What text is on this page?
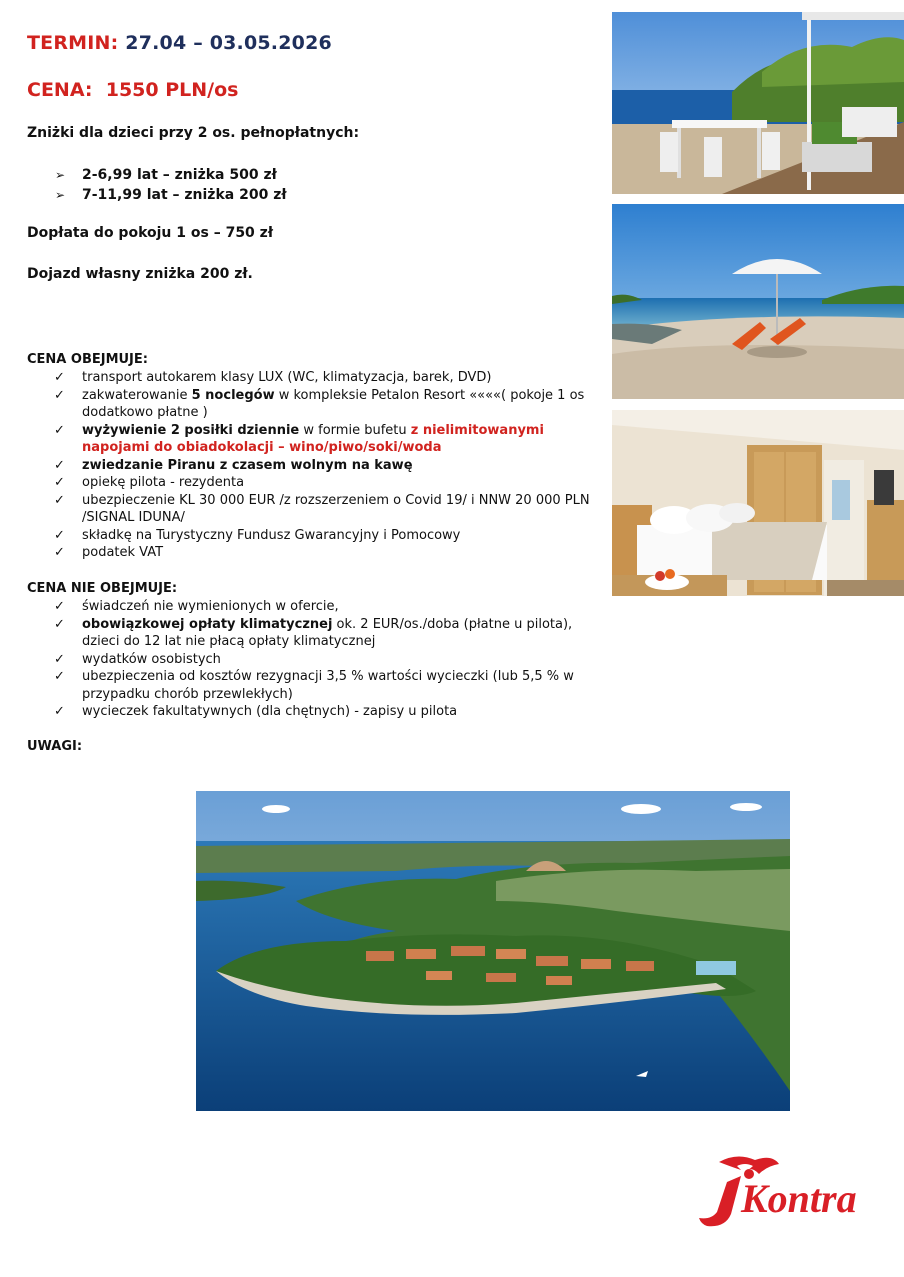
TERMIN: 27.04 – 03.05.2026
CENA: 1550 PLN/os
Zniżki dla dzieci przy 2 os. pełnopłatnych:
➢ 2-6,99 lat – zniżka 500 zł
➢ 7-11,99 lat – zniżka 200 zł
Dopłata do pokoju 1 os – 750 zł
Dojazd własny zniżka 200 zł.
CENA OBEJMUJE:
✓ transport autokarem klasy LUX (WC, klimatyzacja, barek, DVD)
✓ zakwaterowanie 5 noclegów w kompleksie Petalon Resort ««««( pokoje 1 os dodatkowo płatne )
✓ wyżywienie 2 posiłki dziennie w formie bufetu z nielimitowanymi napojami do obiadokolacji – wino/piwo/soki/woda
✓ zwiedzanie Piranu z czasem wolnym na kawę
✓ opiekę pilota - rezydenta
✓ ubezpieczenie KL 30 000 EUR /z rozszerzeniem o Covid 19/ i NNW 20 000 PLN /SIGNAL IDUNA/
✓ składkę na Turystyczny Fundusz Gwarancyjny i Pomocowy
✓ podatek VAT
CENA NIE OBEJMUJE:
✓ świadczeń nie wymienionych w ofercie,
✓ obowiązkowej opłaty klimatycznej ok. 2 EUR/os./doba (płatne u pilota), dzieci do 12 lat nie płacą opłaty klimatycznej
✓ wydatków osobistych
✓ ubezpieczenia od kosztów rezygnacji 3,5 % wartości wycieczki (lub 5,5 % w przypadku chorób przewlekłych)
✓ wycieczek fakultatywnych (dla chętnych) - zapisy u pilota
UWAGI:
Kontra
